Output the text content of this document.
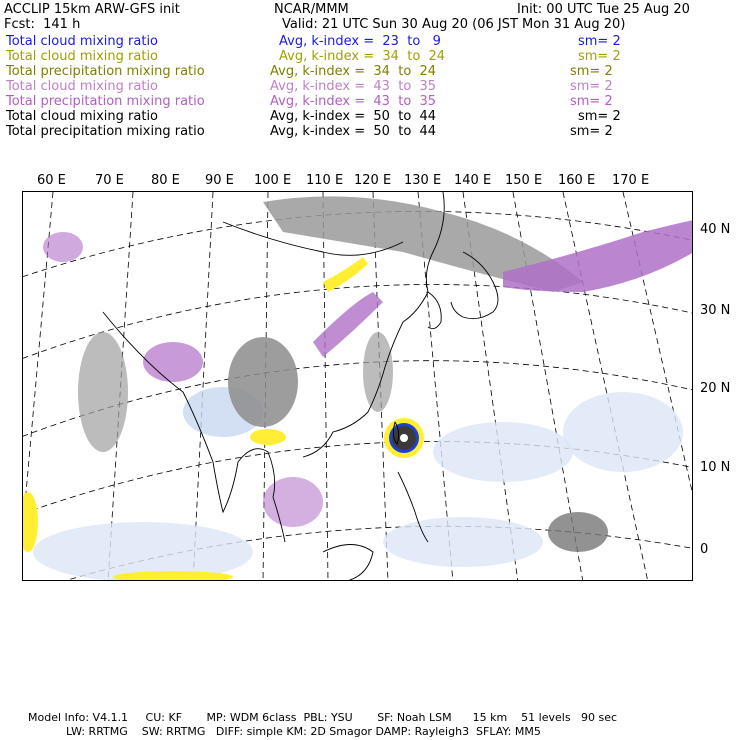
ACCLIP 15km ARW-GFS init	NCAR/MMM	Init: 00 UTC Tue 25 Aug 20
Fcst:  141 h	Valid: 21 UTC Sun 30 Aug 20 (06 JST Mon 31 Aug 20)
Total cloud mixing ratio	Avg, k-index =  23  to   9	sm= 2
Total cloud mixing ratio	Avg, k-index =  34  to  24	sm= 2
Total precipitation mixing ratio	Avg, k-index =  34  to  24	sm= 2
Total cloud mixing ratio	Avg, k-index =  43  to  35	sm= 2
Total precipitation mixing ratio	Avg, k-index =  43  to  35	sm= 2
Total cloud mixing ratio	Avg, k-index =  50  to  44	sm= 2
Total precipitation mixing ratio	Avg, k-index =  50  to  44	sm= 2
60 E 70 E 80 E 90 E 100 E 110 E 120 E 130 E 140 E 150 E 160 E 170 E
40 N
30 N
20 N
10 N
0
Model Info: V4.1.1     CU: KF       MP: WDM 6class  PBL: YSU       SF: Noah LSM      15 km    51 levels   90 sec
LW: RRTMG    SW: RRTMG   DIFF: simple KM: 2D Smagor DAMP: Rayleigh3  SFLAY: MM5
